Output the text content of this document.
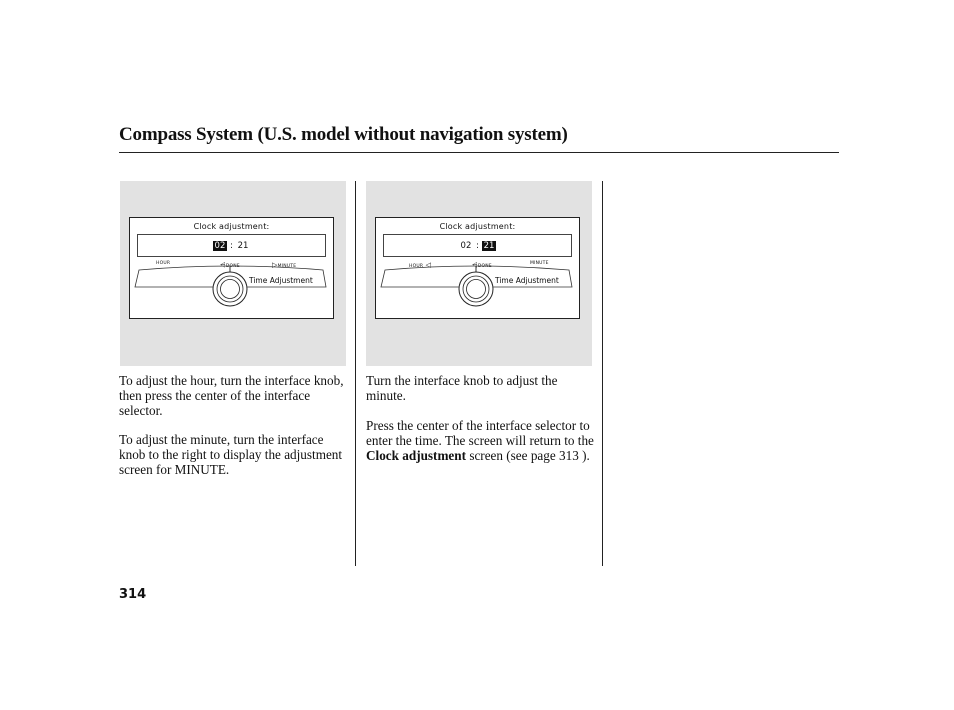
Compass System (U.S. model without navigation system)
Clock adjustment:
02 : 21
HOUR	⩤DONE	▷MINUTE
Time Adjustment
Clock adjustment:
02 : 21
HOUR ◁	⩤DONE
MINUTE
Time Adjustment

To adjust the hour, turn the interface knob, then press the center of the interface selector.

To adjust the minute, turn the interface knob to the right to display the adjustment screen for MINUTE.

Turn the interface knob to adjust the minute.

Press the center of the interface selector to enter the time. The screen will return to the Clock adjustment screen (see page 313 ).

314
